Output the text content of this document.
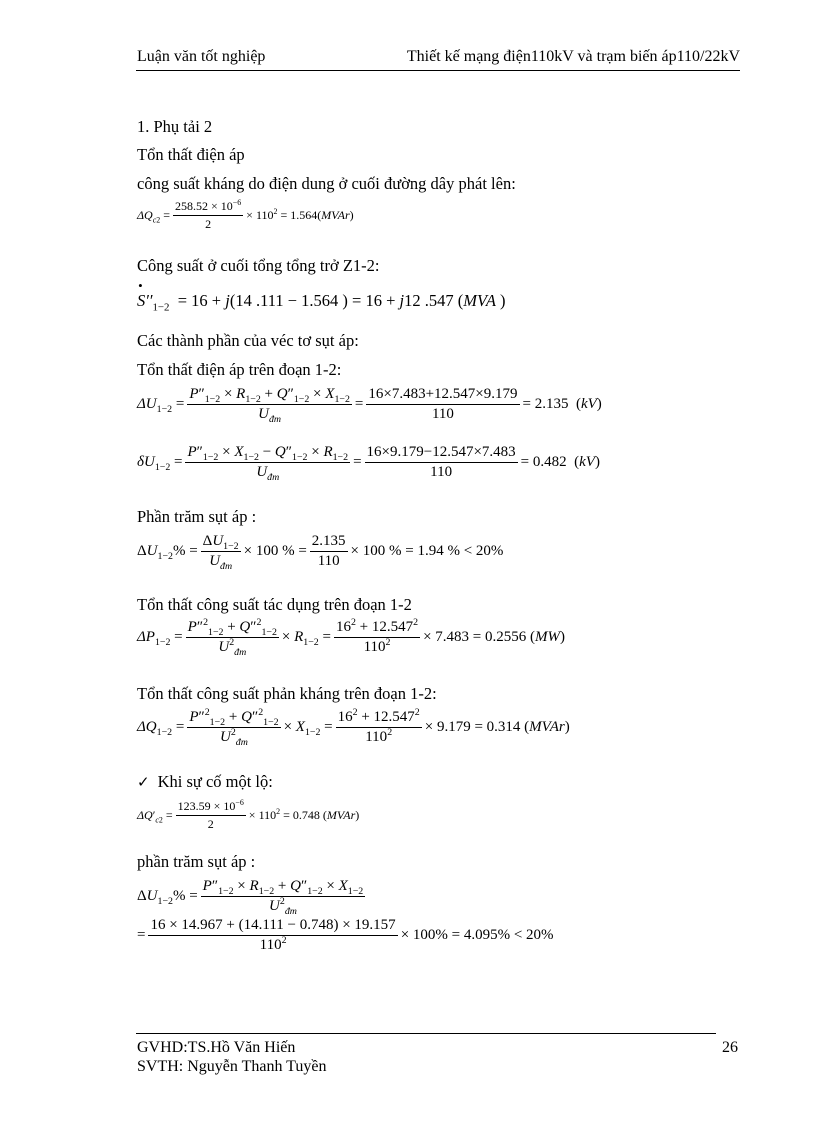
Luận văn tốt nghiệp	Thiết kế mạng điện110kV và trạm biến áp110/22kV
1. Phụ tải 2
Tổn thất điện áp
công suất kháng do điện dung ở cuối đường dây phát lên:
$\Delta Q_{c2} = \frac{258.52 \times 10^{-6}}{2} \times 110^2$ = 1.564(MVAr)
Công suất ở cuối tổng tổng trở Z1-2:
• $S''_{1-2} = 16 + j(14$ .111 − 1.564 ) = 16 + j12 .547 (MVA )
Các thành phần của véc tơ sụt áp:
Tổn thất điện áp trên đoạn 1-2:
$\Delta U_{1-2} = \frac{P''_{1-2} \times R_{1-2} + Q''_{1-2} \times X_{1-2}}{U_{đm}} = \frac{16\times 7.483+12.547\times 9.179}{110} = 2.135$  (kV)
$\delta U_{1-2} = \frac{P''_{1-2} \times X_{1-2} - Q''_{1-2} \times R_{1-2}}{U_{đm}} = \frac{16\times 9.179-12.547\times 7.483}{110} = 0.482$  (kV)
Phần trăm sụt áp :
$\Delta U_{1-2}\% = \frac{\Delta U_{1-2}}{U_{đm}} \times 100$ % = $\frac{2.135}{110} \times 100$ % = 1.94 % < 20%
Tổn thất công suất tác dụng trên đoạn 1-2
$\Delta P_{1-2} = \frac{P''^2_{1-2} + Q''^2_{1-2}}{U^2_{đm}} \times R_{1-2} = \frac{16^2 + 12.547^2}{110^2} \times 7.483 = 0.2556$ (MW)
Tổn thất công suất phản kháng trên đoạn 1-2:
$\Delta Q_{1-2} = \frac{P''^2_{1-2} + Q''^2_{1-2}}{U^2_{đm}} \times X_{1-2} = \frac{16^2 + 12.547^2}{110^2} \times 9.179 = 0.314$ (MVAr)
✓ Khi sự cố một lộ:
$\Delta Q'_{c2} = \frac{123.59 \times 10^{-6}}{2} \times 110^2 = 0.748$ (MVAr)
phần trăm sụt áp :
$\Delta U_{1-2}\% = \frac{P''_{1-2} \times R_{1-2} + Q''_{1-2} \times X_{1-2}}{U^2_{đm}}$
= $\frac{16 \times 14.967 + (14.111 - 0.748) \times 19.157}{110^2} \times 100\% = 4.095\% < 20\%$
GVHD:TS.Hồ Văn Hiến
SVTH: Nguyễn Thanh Tuyền
26
